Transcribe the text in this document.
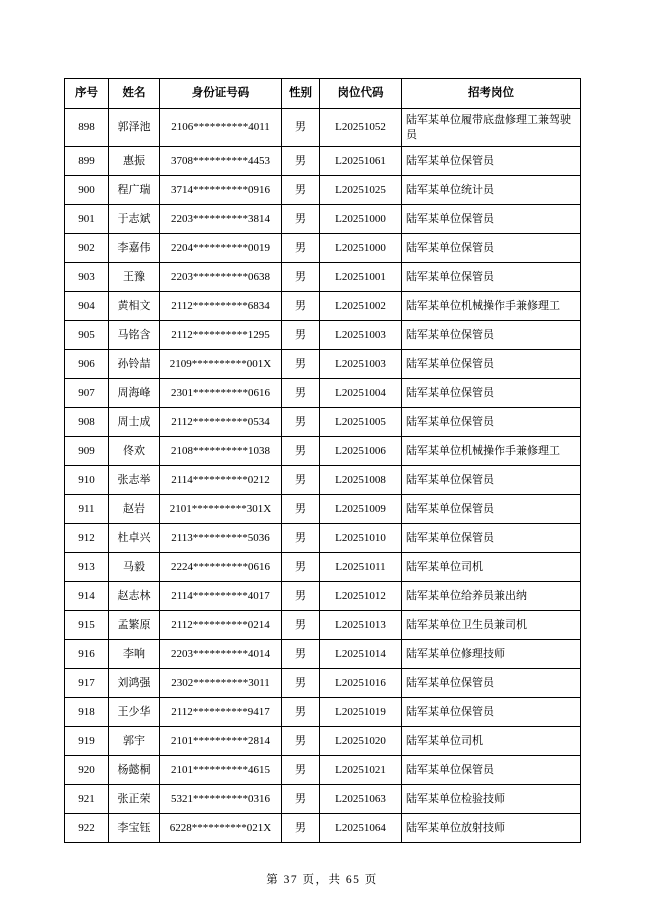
序号	姓名	身份证号码	性别	岗位代码	招考岗位
898	郭泽池	2106**********4011	男	L20251052	陆军某单位履带底盘修理工兼驾驶员
899	惠振	3708**********4453	男	L20251061	陆军某单位保管员
900	程广瑞	3714**********0916	男	L20251025	陆军某单位统计员
901	于志斌	2203**********3814	男	L20251000	陆军某单位保管员
902	李嘉伟	2204**********0019	男	L20251000	陆军某单位保管员
903	王豫	2203**********0638	男	L20251001	陆军某单位保管员
904	黄相文	2112**********6834	男	L20251002	陆军某单位机械操作手兼修理工
905	马铭含	2112**********1295	男	L20251003	陆军某单位保管员
906	孙铃喆	2109**********001X	男	L20251003	陆军某单位保管员
907	周海峰	2301**********0616	男	L20251004	陆军某单位保管员
908	周士成	2112**********0534	男	L20251005	陆军某单位保管员
909	佟欢	2108**********1038	男	L20251006	陆军某单位机械操作手兼修理工
910	张志举	2114**********0212	男	L20251008	陆军某单位保管员
911	赵岩	2101**********301X	男	L20251009	陆军某单位保管员
912	杜卓兴	2113**********5036	男	L20251010	陆军某单位保管员
913	马毅	2224**********0616	男	L20251011	陆军某单位司机
914	赵志林	2114**********4017	男	L20251012	陆军某单位给养员兼出纳
915	孟繁原	2112**********0214	男	L20251013	陆军某单位卫生员兼司机
916	李响	2203**********4014	男	L20251014	陆军某单位修理技师
917	刘鸿强	2302**********3011	男	L20251016	陆军某单位保管员
918	王少华	2112**********9417	男	L20251019	陆军某单位保管员
919	郭宇	2101**********2814	男	L20251020	陆军某单位司机
920	杨懿桐	2101**********4615	男	L20251021	陆军某单位保管员
921	张正荣	5321**********0316	男	L20251063	陆军某单位检验技师
922	李宝钰	6228**********021X	男	L20251064	陆军某单位放射技师
第 37 页，共 65 页
